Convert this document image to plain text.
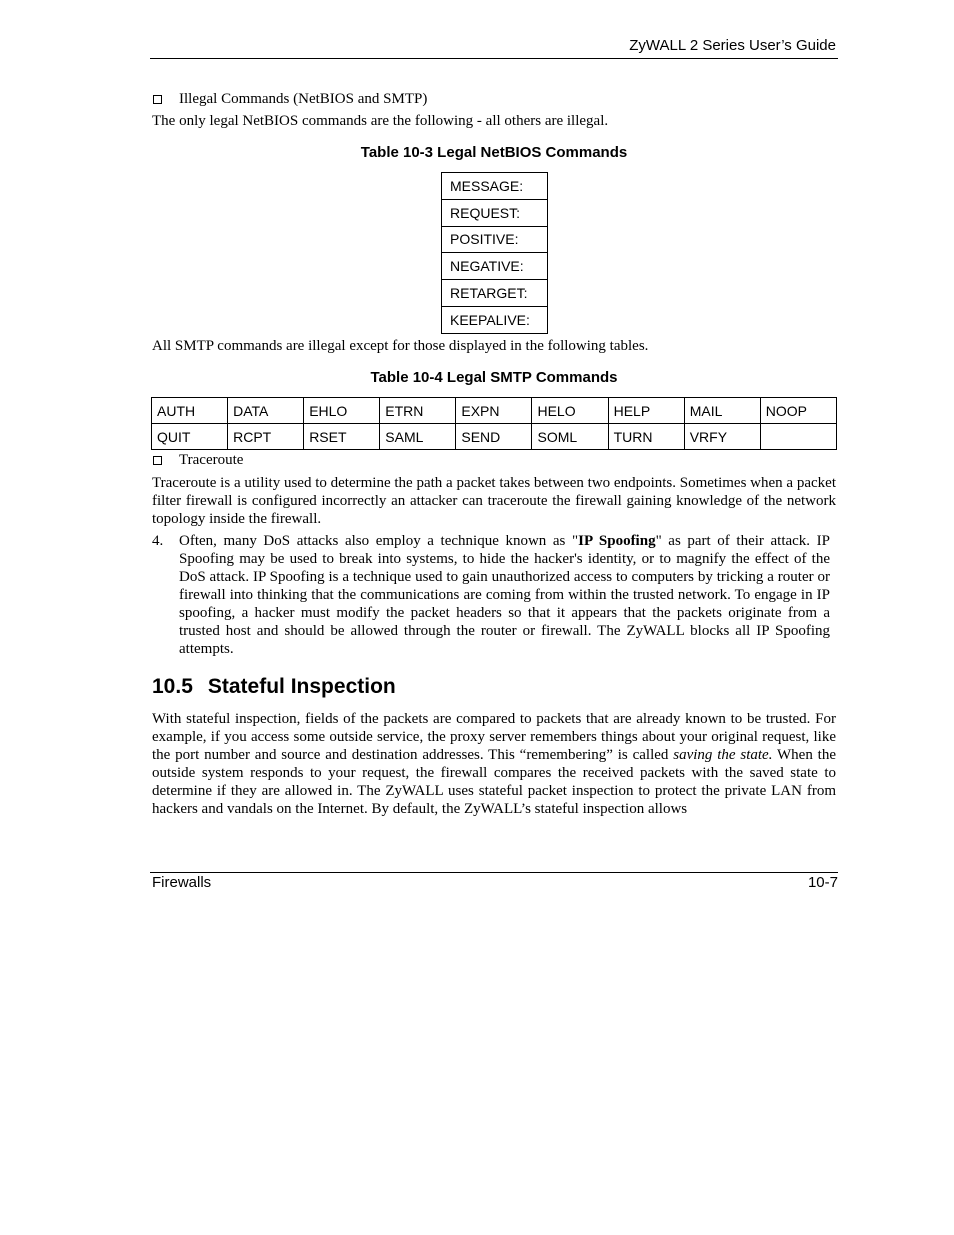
ZyWALL 2 Series User’s Guide
Illegal Commands (NetBIOS and SMTP)
The only legal NetBIOS commands are the following - all others are illegal.
Table 10-3 Legal NetBIOS Commands
MESSAGE:
REQUEST:
POSITIVE:
NEGATIVE:
RETARGET:
KEEPALIVE:
All SMTP commands are illegal except for those displayed in the following tables.
Table 10-4 Legal SMTP Commands
AUTH	DATA	EHLO	ETRN	EXPN	HELO	HELP	MAIL	NOOP
QUIT	RCPT	RSET	SAML	SEND	SOML	TURN	VRFY	
Traceroute
Traceroute is a utility used to determine the path a packet takes between two endpoints. Sometimes when a packet filter firewall is configured incorrectly an attacker can traceroute the firewall gaining knowledge of the network topology inside the firewall.
4. Often, many DoS attacks also employ a technique known as "IP Spoofing" as part of their attack. IP Spoofing may be used to break into systems, to hide the hacker's identity, or to magnify the effect of the DoS attack. IP Spoofing is a technique used to gain unauthorized access to computers by tricking a router or firewall into thinking that the communications are coming from within the trusted network. To engage in IP spoofing, a hacker must modify the packet headers so that it appears that the packets originate from a trusted host and should be allowed through the router or firewall. The ZyWALL blocks all IP Spoofing attempts.
10.5 Stateful Inspection
With stateful inspection, fields of the packets are compared to packets that are already known to be trusted. For example, if you access some outside service, the proxy server remembers things about your original request, like the port number and source and destination addresses. This “remembering” is called saving the state. When the outside system responds to your request, the firewall compares the received packets with the saved state to determine if they are allowed in. The ZyWALL uses stateful packet inspection to protect the private LAN from hackers and vandals on the Internet. By default, the ZyWALL’s stateful inspection allows
Firewalls	10-7
